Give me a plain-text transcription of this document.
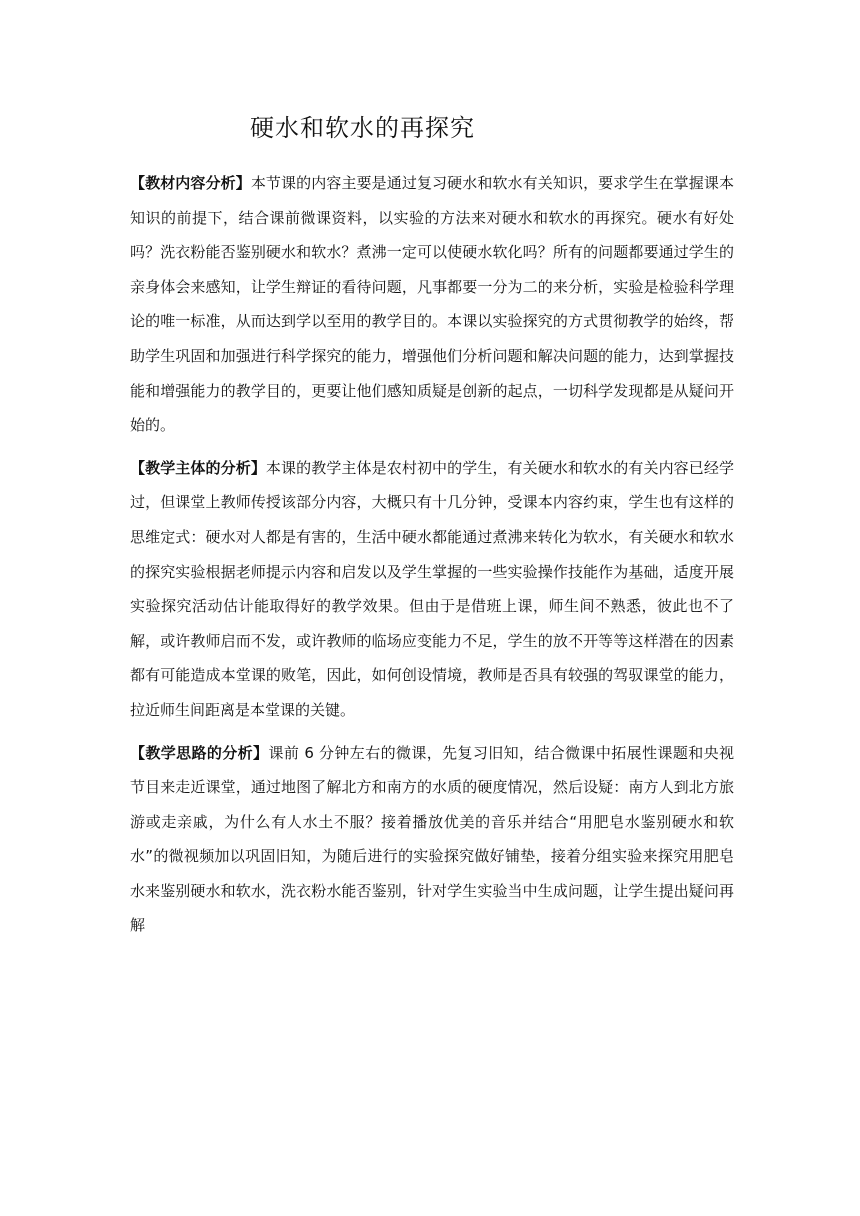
硬水和软水的再探究

【教材内容分析】本节课的内容主要是通过复习硬水和软水有关知识，要求学生在掌握课本知识的前提下，结合课前微课资料，以实验的方法来对硬水和软水的再探究。硬水有好处吗？洗衣粉能否鉴别硬水和软水？煮沸一定可以使硬水软化吗？所有的问题都要通过学生的亲身体会来感知，让学生辩证的看待问题，凡事都要一分为二的来分析，实验是检验科学理论的唯一标准，从而达到学以至用的教学目的。本课以实验探究的方式贯彻教学的始终，帮助学生巩固和加强进行科学探究的能力，增强他们分析问题和解决问题的能力，达到掌握技能和增强能力的教学目的，更要让他们感知质疑是创新的起点，一切科学发现都是从疑问开始的。

【教学主体的分析】本课的教学主体是农村初中的学生，有关硬水和软水的有关内容已经学过，但课堂上教师传授该部分内容，大概只有十几分钟，受课本内容约束，学生也有这样的思维定式：硬水对人都是有害的，生活中硬水都能通过煮沸来转化为软水，有关硬水和软水的探究实验根据老师提示内容和启发以及学生掌握的一些实验操作技能作为基础，适度开展实验探究活动估计能取得好的教学效果。但由于是借班上课，师生间不熟悉，彼此也不了解，或许教师启而不发，或许教师的临场应变能力不足，学生的放不开等等这样潜在的因素都有可能造成本堂课的败笔，因此，如何创设情境，教师是否具有较强的驾驭课堂的能力，拉近师生间距离是本堂课的关键。

【教学思路的分析】课前 6 分钟左右的微课，先复习旧知，结合微课中拓展性课题和央视节目来走近课堂，通过地图了解北方和南方的水质的硬度情况，然后设疑：南方人到北方旅游或走亲戚，为什么有人水土不服？接着播放优美的音乐并结合“用肥皂水鉴别硬水和软水”的微视频加以巩固旧知，为随后进行的实验探究做好铺垫，接着分组实验来探究用肥皂水来鉴别硬水和软水，洗衣粉水能否鉴别，针对学生实验当中生成问题，让学生提出疑问再解
